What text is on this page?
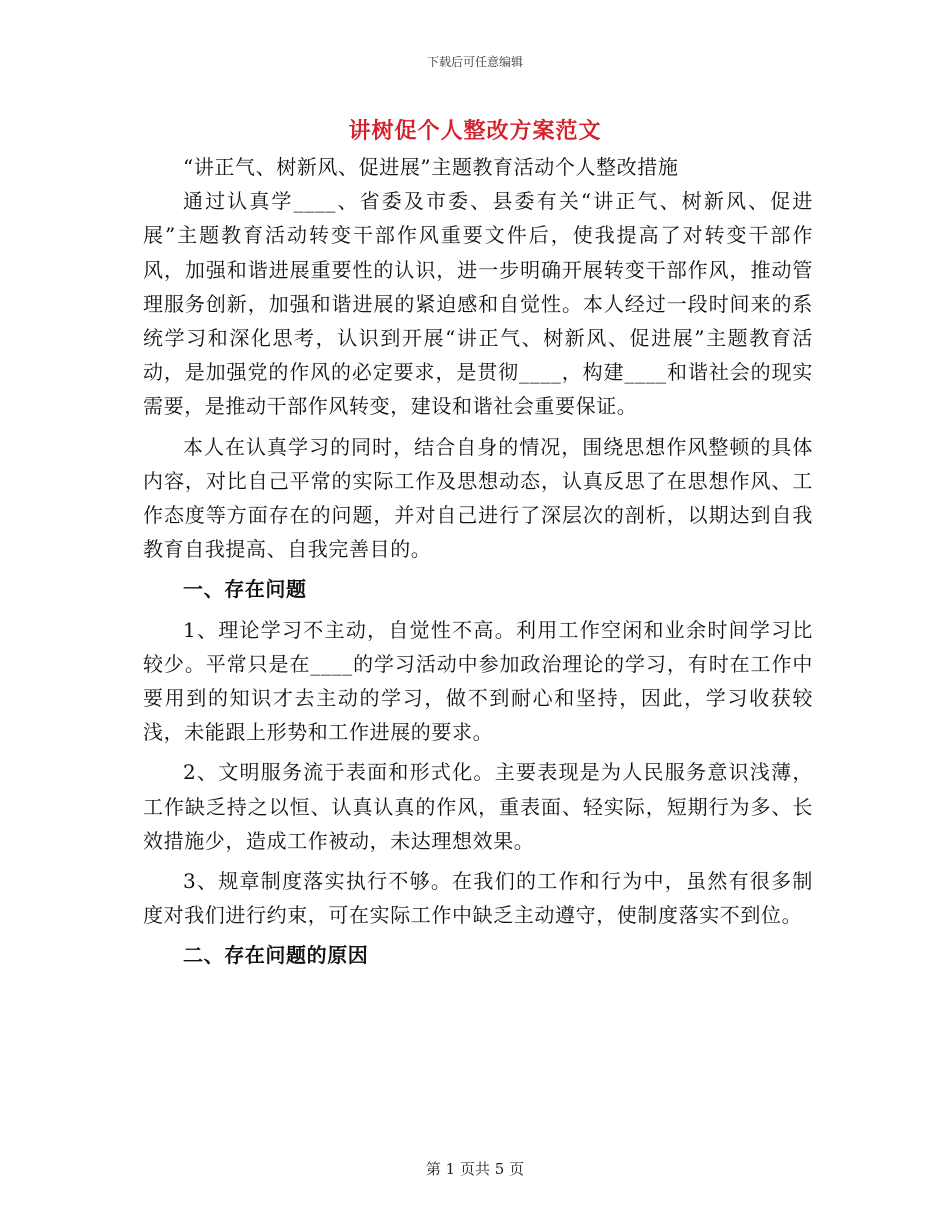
下载后可任意编辑
讲树促个人整改方案范文

“讲正气、树新风、促进展”主题教育活动个人整改措施

通过认真学____、省委及市委、县委有关“讲正气、树新风、促进展”主题教育活动转变干部作风重要文件后，使我提高了对转变干部作风，加强和谐进展重要性的认识，进一步明确开展转变干部作风，推动管理服务创新，加强和谐进展的紧迫感和自觉性。本人经过一段时间来的系统学习和深化思考，认识到开展“讲正气、树新风、促进展”主题教育活动，是加强党的作风的必定要求，是贯彻____，构建____和谐社会的现实需要，是推动干部作风转变，建设和谐社会重要保证。

本人在认真学习的同时，结合自身的情况，围绕思想作风整顿的具体内容，对比自己平常的实际工作及思想动态，认真反思了在思想作风、工作态度等方面存在的问题，并对自己进行了深层次的剖析，以期达到自我教育自我提高、自我完善目的。

一、存在问题

1、理论学习不主动，自觉性不高。利用工作空闲和业余时间学习比较少。平常只是在____的学习活动中参加政治理论的学习，有时在工作中要用到的知识才去主动的学习，做不到耐心和坚持，因此，学习收获较浅，未能跟上形势和工作进展的要求。

2、文明服务流于表面和形式化。主要表现是为人民服务意识浅薄，工作缺乏持之以恒、认真认真的作风，重表面、轻实际，短期行为多、长效措施少，造成工作被动，未达理想效果。

3、规章制度落实执行不够。在我们的工作和行为中，虽然有很多制度对我们进行约束，可在实际工作中缺乏主动遵守，使制度落实不到位。

二、存在问题的原因

第 1 页共 5 页
